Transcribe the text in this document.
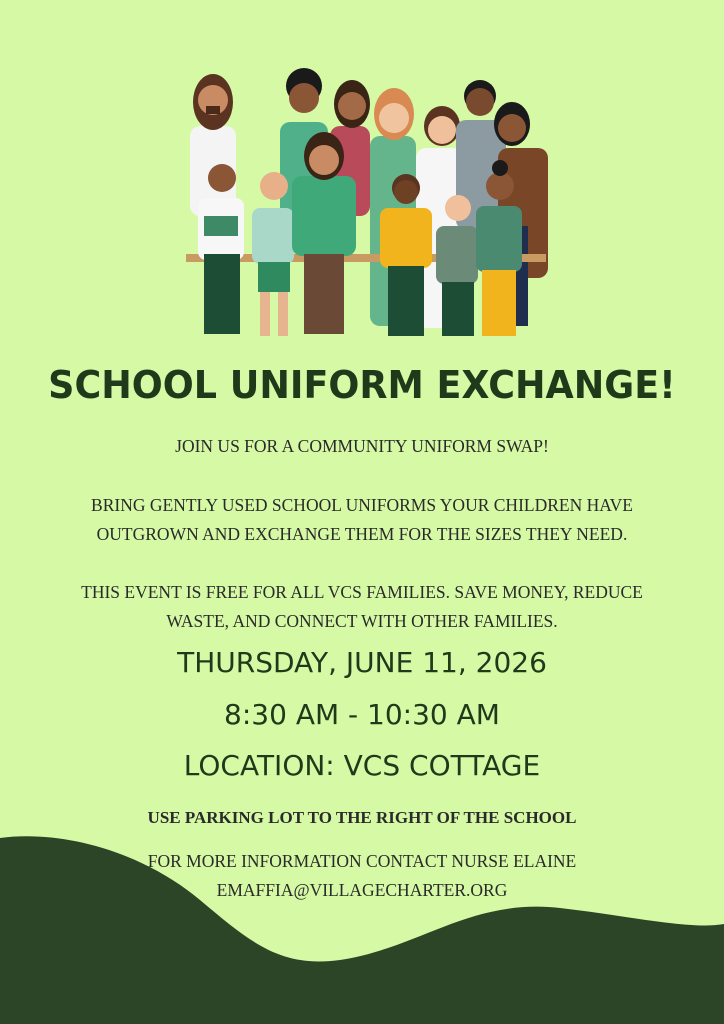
SCHOOL UNIFORM EXCHANGE!
JOIN US FOR A COMMUNITY UNIFORM SWAP!
BRING GENTLY USED SCHOOL UNIFORMS YOUR CHILDREN HAVE
OUTGROWN AND EXCHANGE THEM FOR THE SIZES THEY NEED.
THIS EVENT IS FREE FOR ALL VCS FAMILIES. SAVE MONEY, REDUCE
WASTE, AND CONNECT WITH OTHER FAMILIES.
THURSDAY, JUNE 11, 2026
8:30 AM - 10:30 AM
LOCATION: VCS COTTAGE
USE PARKING LOT TO THE RIGHT OF THE SCHOOL
FOR MORE INFORMATION CONTACT NURSE ELAINE
EMAFFIA@VILLAGECHARTER.ORG
